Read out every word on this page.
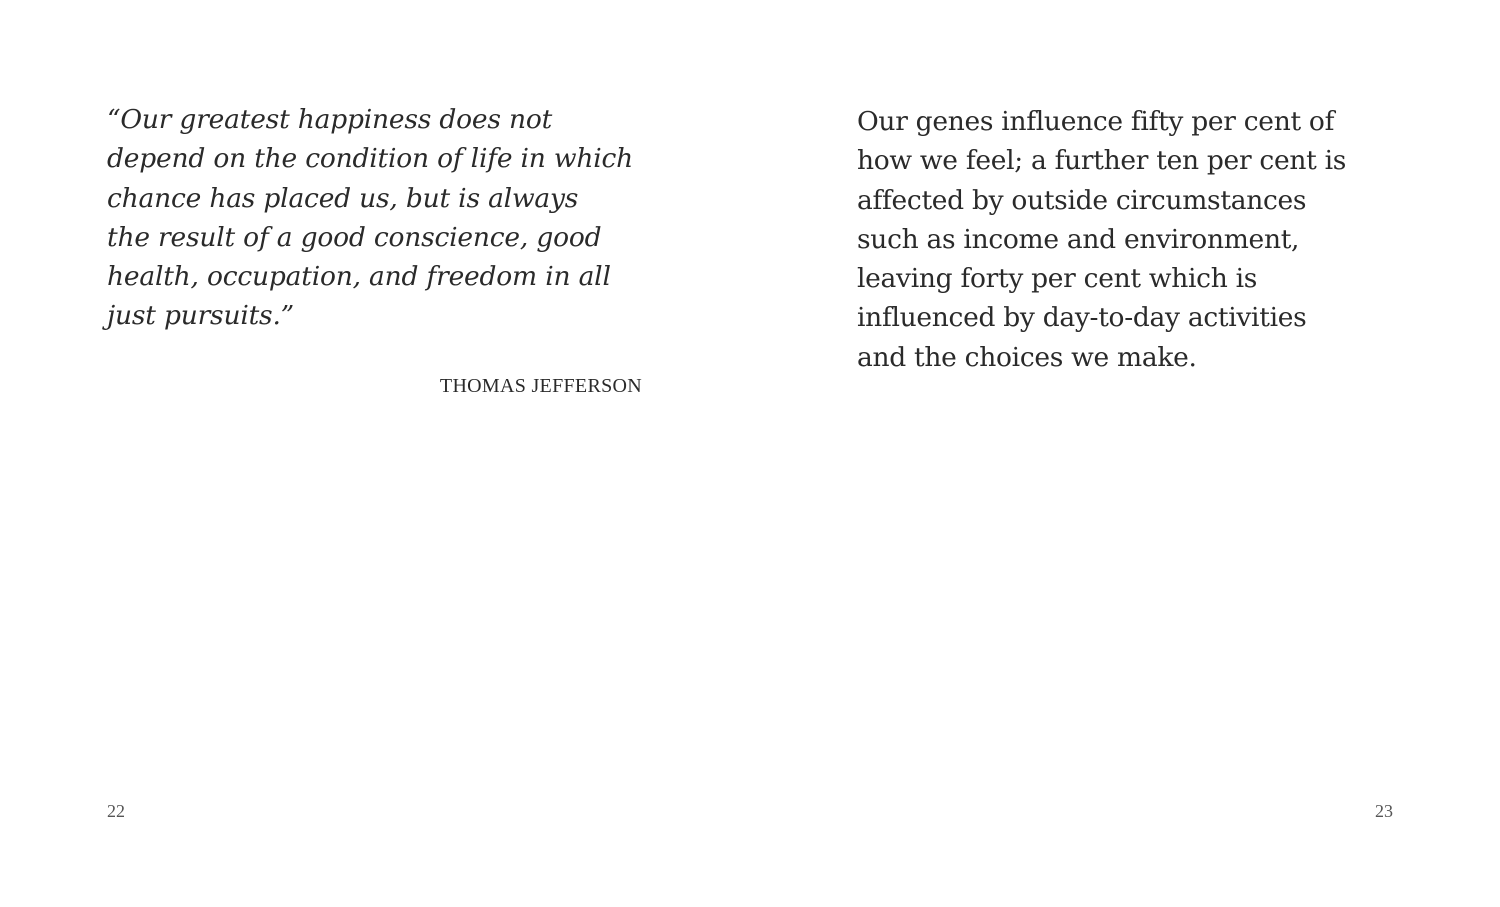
“Our greatest happiness does not
depend on the condition of life in which
chance has placed us, but is always
the result of a good conscience, good
health, occupation, and freedom in all
just pursuits.”

THOMAS JEFFERSON
22

Our genes influence fifty per cent of
how we feel; a further ten per cent is
affected by outside circumstances
such as income and environment,
leaving forty per cent which is
influenced by day-to-day activities
and the choices we make.

23
